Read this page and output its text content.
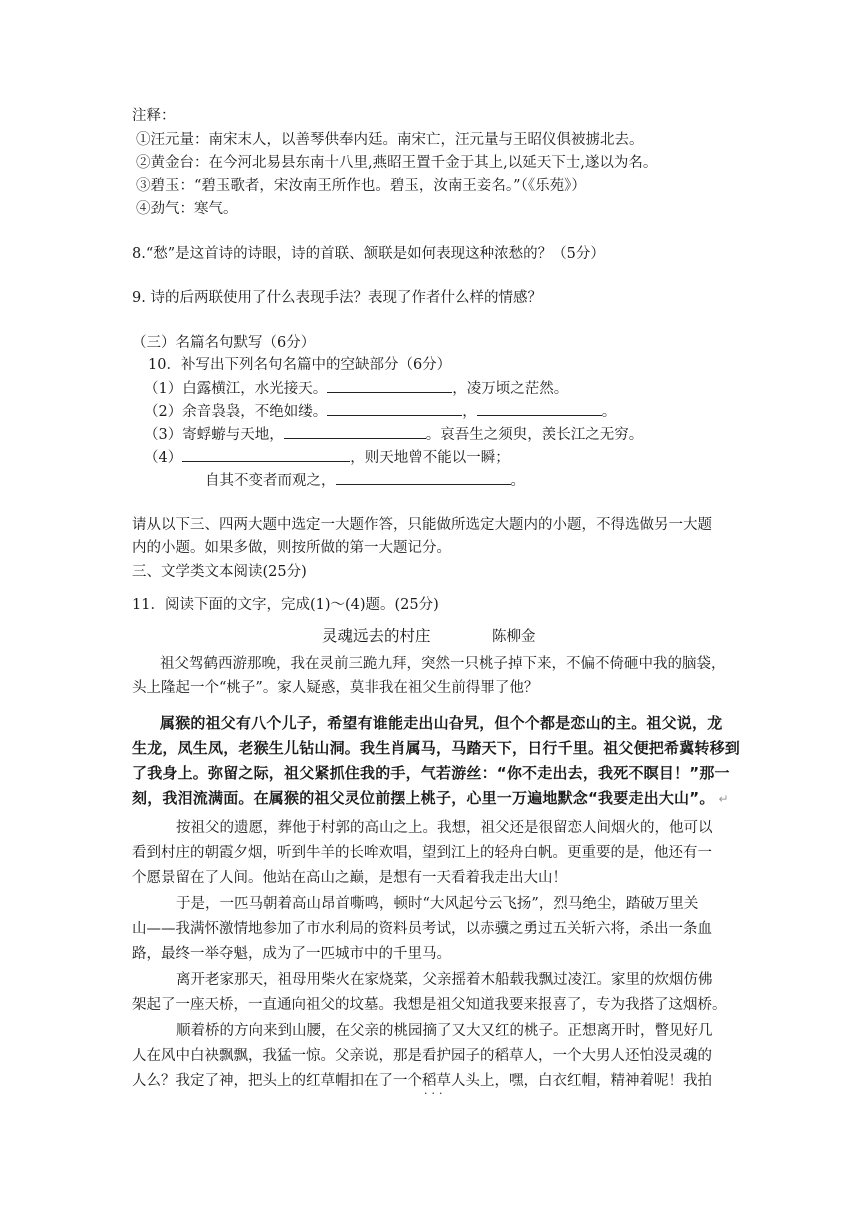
注释：
①汪元量：南宋末人，以善琴供奉内廷。南宋亡，汪元量与王昭仪俱被掳北去。
②黄金台：在今河北易县东南十八里,燕昭王置千金于其上,以延天下士,遂以为名。
③碧玉：“碧玉歌者，宋汝南王所作也。碧玉，汝南王妾名。”（《乐苑》）
④劲气：寒气。
8.“愁”是这首诗的诗眼，诗的首联、颔联是如何表现这种浓愁的？（5分）
9. 诗的后两联使用了什么表现手法？表现了作者什么样的情感？
（三）名篇名句默写（6分）
10．补写出下列名句名篇中的空缺部分（6分）
（1）白露横江，水光接天。	，凌万顷之茫然。
（2）余音袅袅，不绝如缕。	，	。
（3）寄蜉蝣与天地，	。哀吾生之须臾，羡长江之无穷。
（4）	，则天地曾不能以一瞬；
自其不变者而观之，	。
请从以下三、四两大题中选定一大题作答，只能做所选定大题内的小题，不得选做另一大题
内的小题。如果多做，则按所做的第一大题记分。
三、文学类文本阅读(25分)
11．阅读下面的文字，完成(1)～(4)题。(25分)
灵魂远去的村庄	陈柳金
祖父驾鹤西游那晚，我在灵前三跪九拜，突然一只桃子掉下来，不偏不倚砸中我的脑袋，
头上隆起一个“桃子”。家人疑惑，莫非我在祖父生前得罪了他？
属猴的祖父有八个儿子，希望有谁能走出山旮旯，但个个都是恋山的主。祖父说，龙
生龙，凤生凤，老猴生儿钻山洞。我生肖属马，马踏天下，日行千里。祖父便把希冀转移到
了我身上。弥留之际，祖父紧抓住我的手，气若游丝：“你不走出去，我死不瞑目！”那一
刻，我泪流满面。在属猴的祖父灵位前摆上桃子，心里一万遍地默念“我要走出大山”。 ↵
按祖父的遗愿，葬他于村郭的高山之上。我想，祖父还是很留恋人间烟火的，他可以
看到村庄的朝霞夕烟，听到牛羊的长哞欢唱，望到江上的轻舟白帆。更重要的是，他还有一
个愿景留在了人间。他站在高山之巅，是想有一天看着我走出大山！
于是，一匹马朝着高山昂首嘶鸣，顿时“大风起兮云飞扬”，烈马绝尘，踏破万里关
山——我满怀激情地参加了市水利局的资料员考试，以赤骥之勇过五关斩六将，杀出一条血
路，最终一举夺魁，成为了一匹城市中的千里马。
离开老家那天，祖母用柴火在家烧菜，父亲摇着木船载我飘过凌江。家里的炊烟仿佛
架起了一座天桥，一直通向祖父的坟墓。我想是祖父知道我要来报喜了，专为我搭了这烟桥。
顺着桥的方向来到山腰，在父亲的桃园摘了又大又红的桃子。正想离开时，瞥见好几
人在风中白袂飘飘，我猛一惊。父亲说，那是看护园子的稻草人，一个大男人还怕没灵魂的
人么？我定了神，把头上的红草帽扣在了一个稻草人 ···头上，嘿，白衣红帽，精神着呢！我拍
